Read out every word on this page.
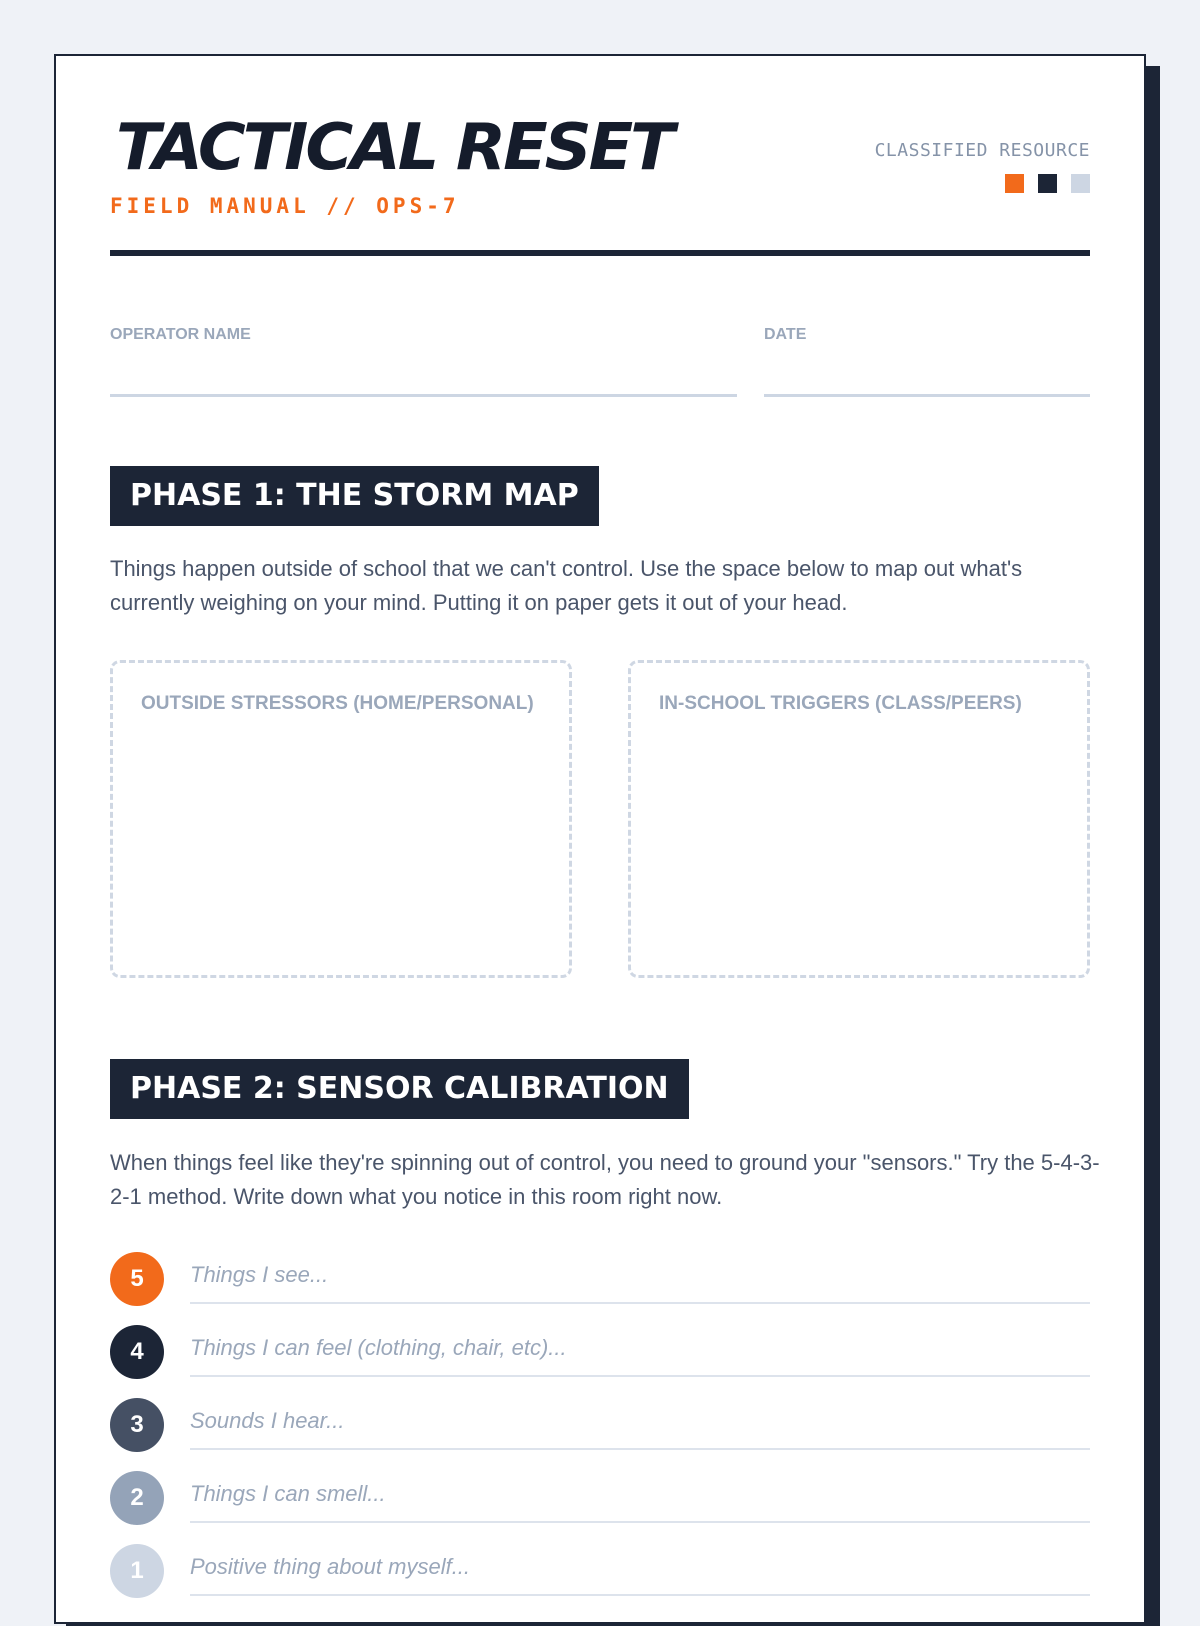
TACTICAL RESET
FIELD MANUAL // OPS-7
CLASSIFIED RESOURCE
OPERATOR NAME	DATE
PHASE 1: THE STORM MAP

Things happen outside of school that we can't control. Use the space below to map out what's currently weighing on your mind. Putting it on paper gets it out of your head.

OUTSIDE STRESSORS (HOME/PERSONAL)	IN-SCHOOL TRIGGERS (CLASS/PEERS)
PHASE 2: SENSOR CALIBRATION

When things feel like they're spinning out of control, you need to ground your "sensors." Try the 5-4-3-2-1 method. Write down what you notice in this room right now.

5	Things I see...
4	Things I can feel (clothing, chair, etc)...
3	Sounds I hear...
2	Things I can smell...
1	Positive thing about myself...
